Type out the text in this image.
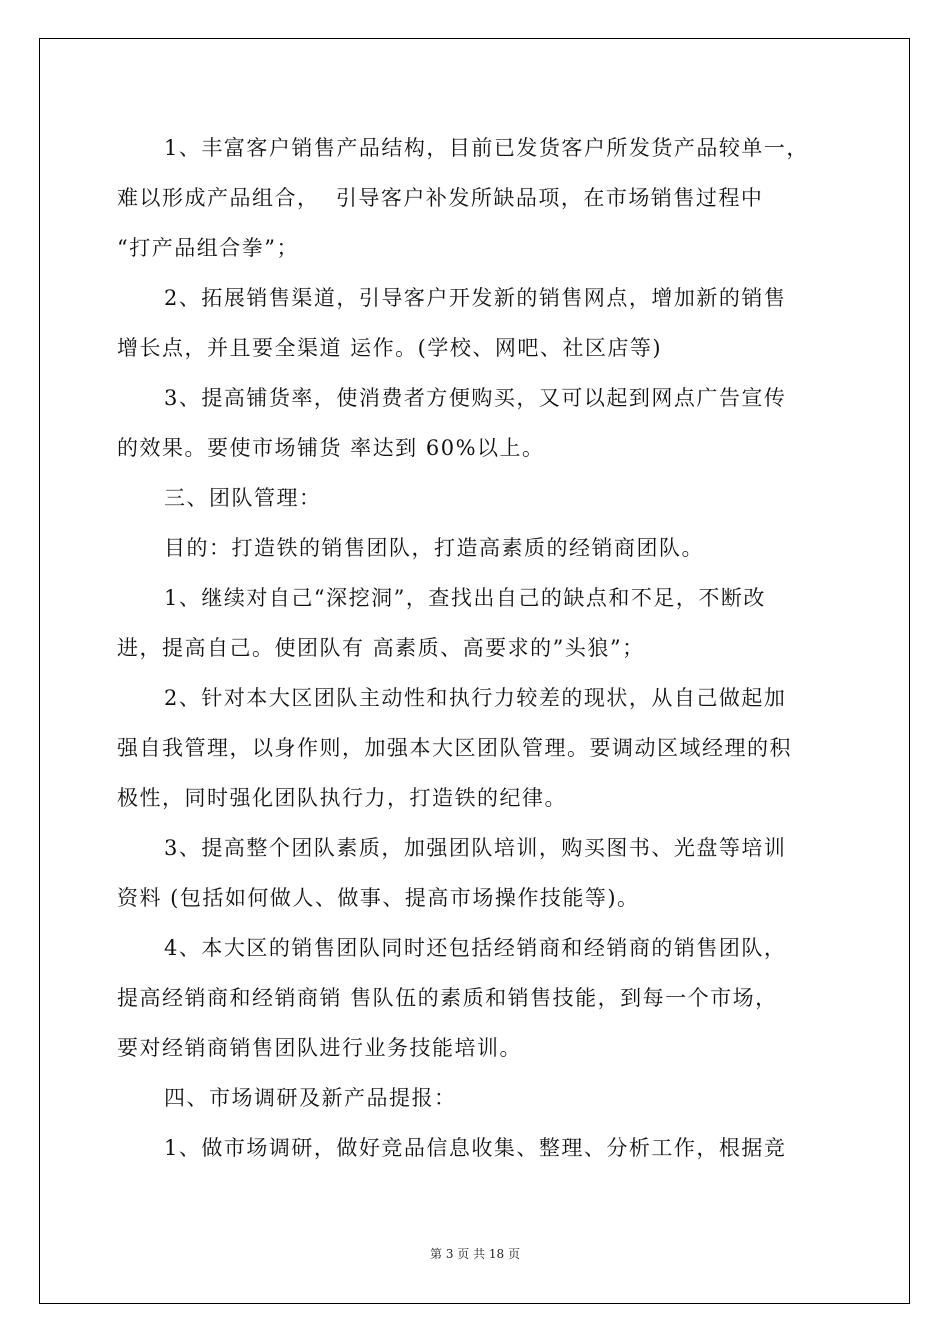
1、丰富客户销售产品结构，目前已发货客户所发货产品较单一，
难以形成产品组合，  引导客户补发所缺品项，在市场销售过程中
“打产品组合拳”；
2、拓展销售渠道，引导客户开发新的销售网点，增加新的销售
增长点，并且要全渠道 运作。(学校、网吧、社区店等)
3、提高铺货率，使消费者方便购买，又可以起到网点广告宣传
的效果。要使市场铺货 率达到 60%以上。
三、团队管理：
目的：打造铁的销售团队，打造高素质的经销商团队。
1、继续对自己“深挖洞”，查找出自己的缺点和不足，不断改
进，提高自己。使团队有 高素质、高要求的”头狼”；
2、针对本大区团队主动性和执行力较差的现状，从自己做起加
强自我管理，以身作则，加强本大区团队管理。要调动区域经理的积
极性，同时强化团队执行力，打造铁的纪律。
3、提高整个团队素质，加强团队培训，购买图书、光盘等培训
资料 (包括如何做人、做事、提高市场操作技能等)。
4、本大区的销售团队同时还包括经销商和经销商的销售团队，
提高经销商和经销商销 售队伍的素质和销售技能，到每一个市场，
要对经销商销售团队进行业务技能培训。
四、市场调研及新产品提报：
1、做市场调研，做好竞品信息收集、整理、分析工作，根据竞
第 3 页 共 18 页
